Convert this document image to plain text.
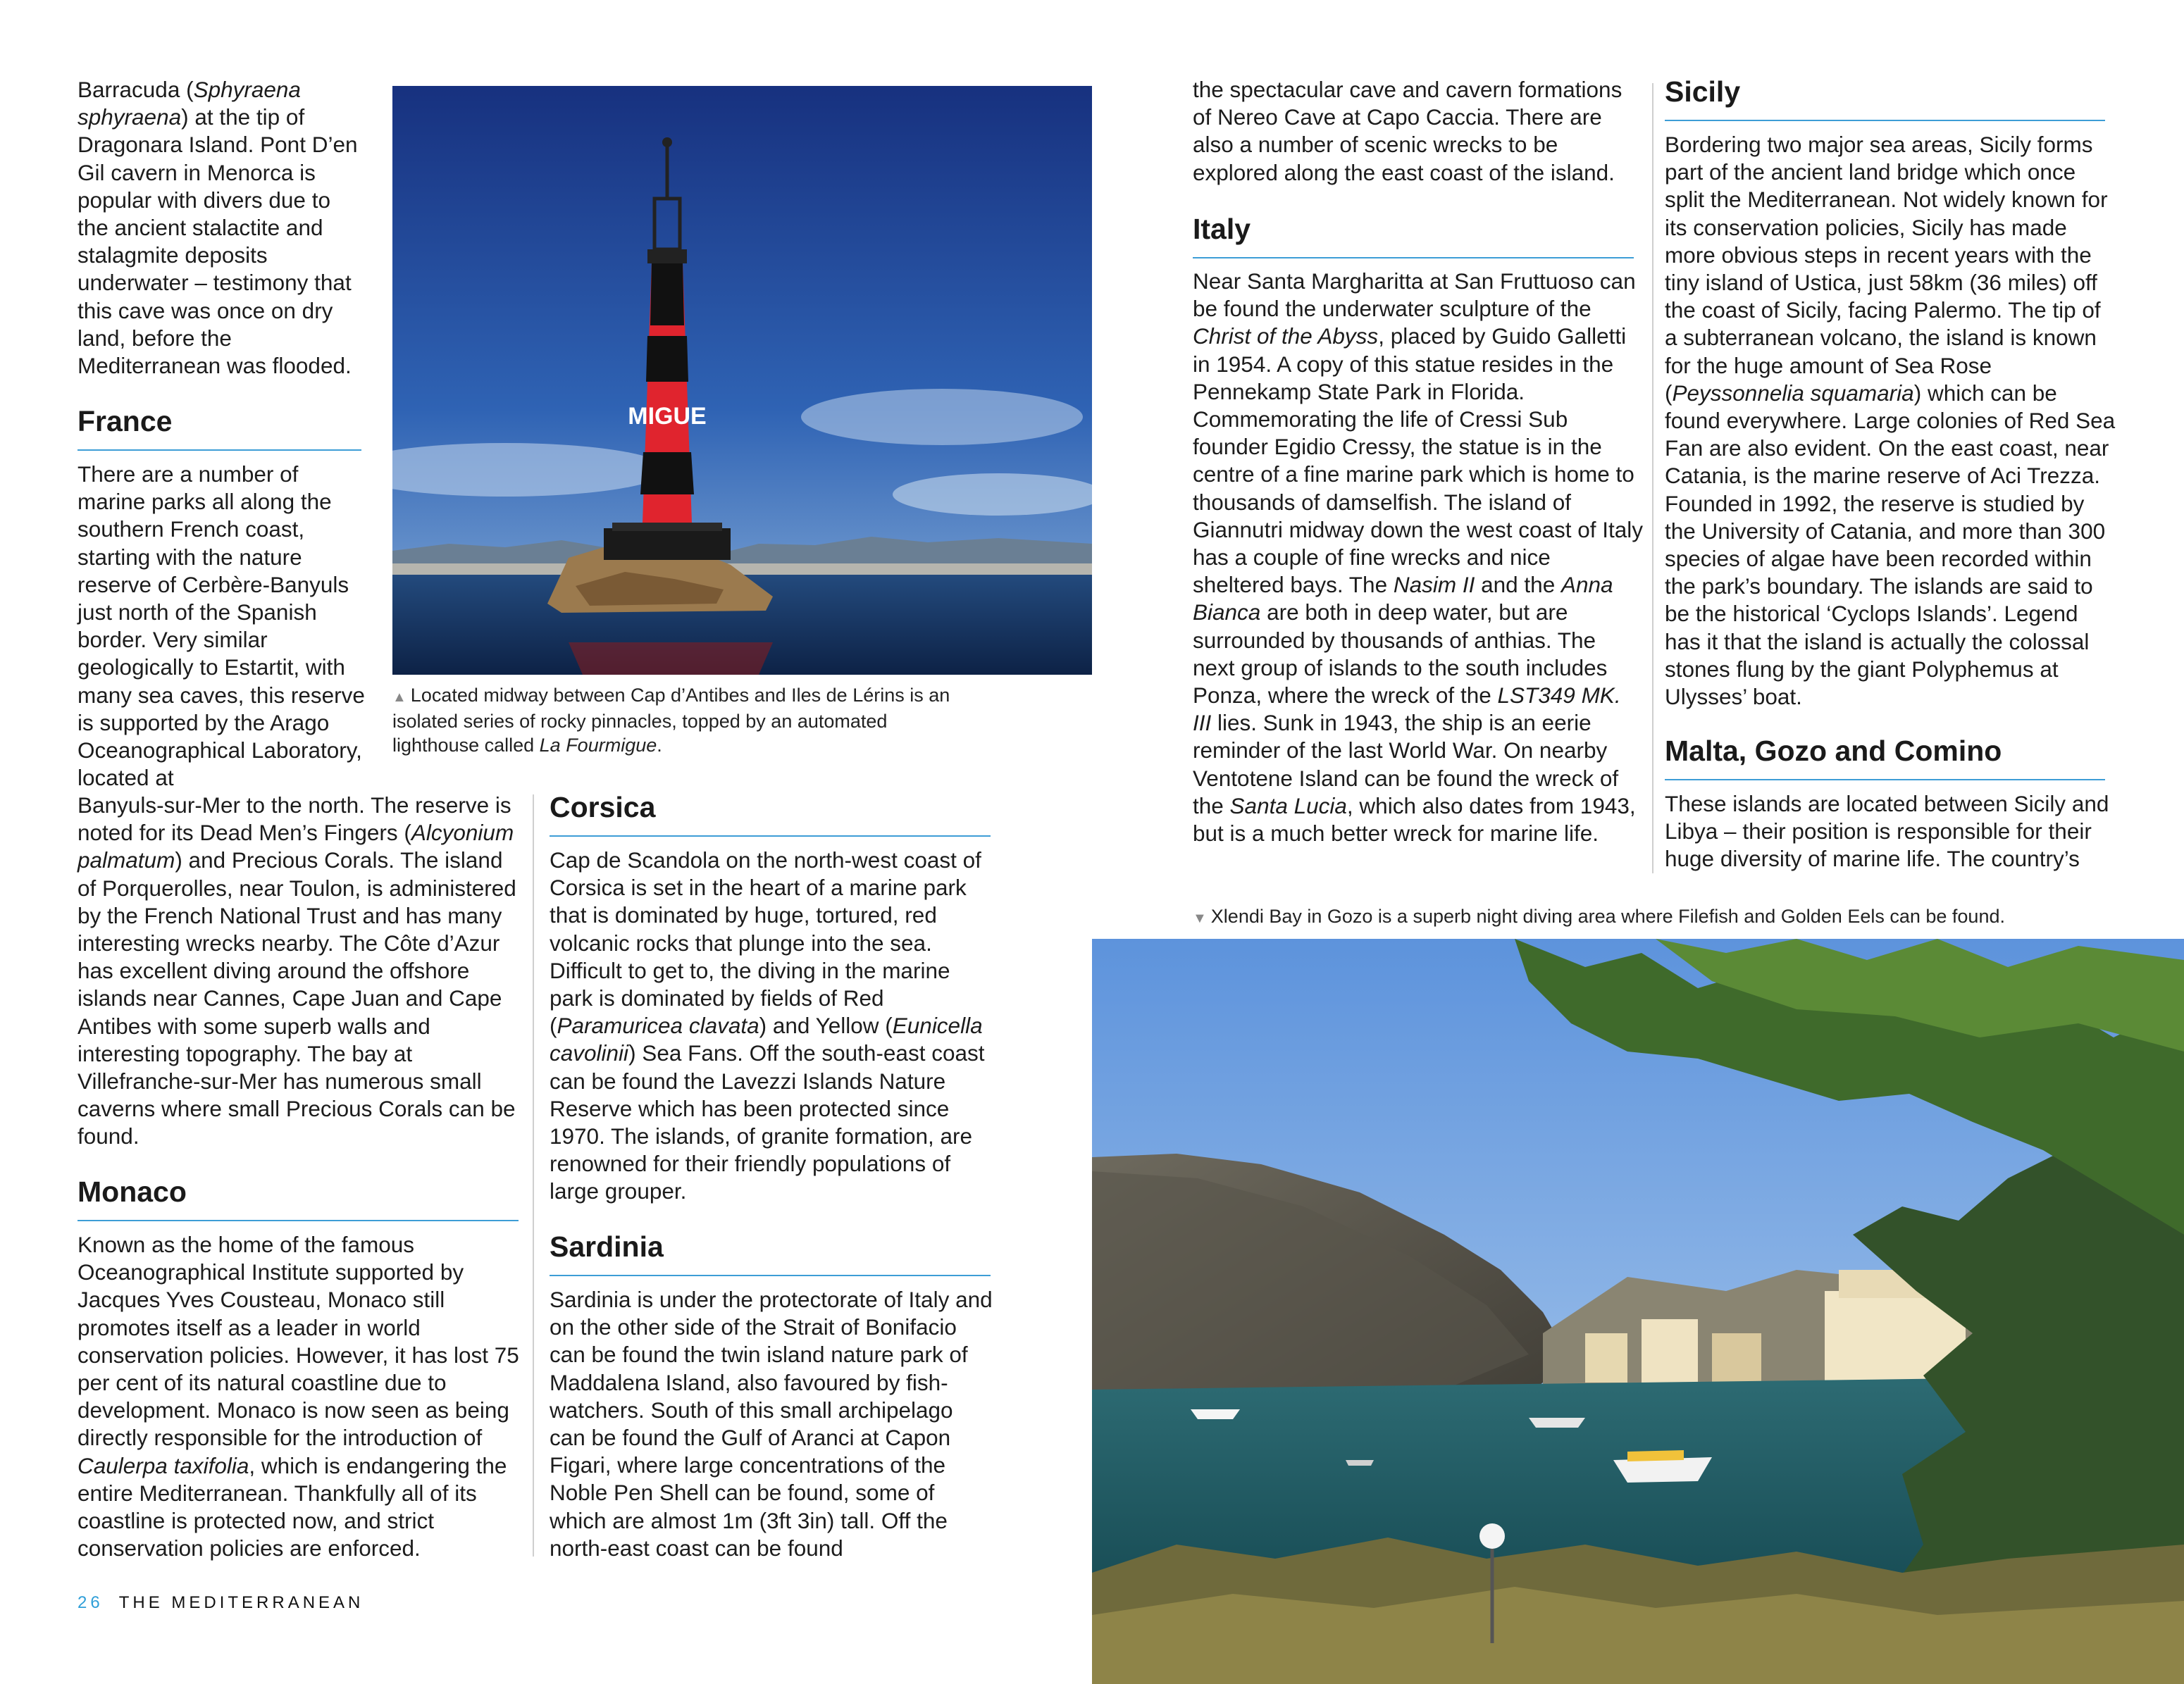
Barracuda (Sphyraena sphyraena) at the tip of Dragonara Island. Pont D’en Gil cavern in Menorca is popular with divers due to the ancient stalactite and stalagmite deposits underwater – testimony that this cave was once on dry land, before the Mediterranean was flooded.

France

There are a number of marine parks all along the southern French coast, starting with the nature reserve of Cerbère-Banyuls just north of the Spanish border. Very similar geologically to Estartit, with many sea caves, this reserve is supported by the Arago Oceanographical Laboratory, located at

Banyuls-sur-Mer to the north. The reserve is noted for its Dead Men’s Fingers (Alcyonium palmatum) and Precious Corals. The island of Porquerolles, near Toulon, is administered by the French National Trust and has many interesting wrecks nearby. The Côte d’Azur has excellent diving around the offshore islands near Cannes, Cape Juan and Cape Antibes with some superb walls and interesting topography. The bay at Villefranche-sur-Mer has numerous small caverns where small Precious Corals can be found.

Monaco

Known as the home of the famous Oceanographical Institute supported by Jacques Yves Cousteau, Monaco still promotes itself as a leader in world conservation policies. However, it has lost 75 per cent of its natural coastline due to development. Monaco is now seen as being directly responsible for the introduction of Caulerpa taxifolia, which is endangering the entire Mediterranean. Thankfully all of its coastline is protected now, and strict conservation policies are enforced.

MIGUE

▲ Located midway between Cap d’Antibes and Iles de Lérins is an isolated series of rocky pinnacles, topped by an automated lighthouse called La Fourmigue.

Corsica

Cap de Scandola on the north-west coast of Corsica is set in the heart of a marine park that is dominated by huge, tortured, red volcanic rocks that plunge into the sea. Difficult to get to, the diving in the marine park is dominated by fields of Red (Paramuricea clavata) and Yellow (Eunicella cavolinii) Sea Fans. Off the south-east coast can be found the Lavezzi Islands Nature Reserve which has been protected since 1970. The islands, of granite formation, are renowned for their friendly populations of large grouper.

Sardinia

Sardinia is under the protectorate of Italy and on the other side of the Strait of Bonifacio can be found the twin island nature park of Maddalena Island, also favoured by fish-watchers. South of this small archipelago can be found the Gulf of Aranci at Capon Figari, where large concentrations of the Noble Pen Shell can be found, some of which are almost 1m (3ft 3in) tall. Off the north-east coast can be found

26 THE MEDITERRANEAN

the spectacular cave and cavern formations of Nereo Cave at Capo Caccia. There are also a number of scenic wrecks to be explored along the east coast of the island.

Italy

Near Santa Margharitta at San Fruttuoso can be found the underwater sculpture of the Christ of the Abyss, placed by Guido Galletti in 1954. A copy of this statue resides in the Pennekamp State Park in Florida. Commemorating the life of Cressi Sub founder Egidio Cressy, the statue is in the centre of a fine marine park which is home to thousands of damselfish. The island of Giannutri midway down the west coast of Italy has a couple of fine wrecks and nice sheltered bays. The Nasim II and the Anna Bianca are both in deep water, but are surrounded by thousands of anthias. The next group of islands to the south includes Ponza, where the wreck of the LST349 MK. III lies. Sunk in 1943, the ship is an eerie reminder of the last World War. On nearby Ventotene Island can be found the wreck of the Santa Lucia, which also dates from 1943, but is a much better wreck for marine life.

Sicily

Bordering two major sea areas, Sicily forms part of the ancient land bridge which once split the Mediterranean. Not widely known for its conservation policies, Sicily has made more obvious steps in recent years with the tiny island of Ustica, just 58km (36 miles) off the coast of Sicily, facing Palermo. The tip of a subterranean volcano, the island is known for the huge amount of Sea Rose (Peyssonnelia squamaria) which can be found everywhere. Large colonies of Red Sea Fan are also evident. On the east coast, near Catania, is the marine reserve of Aci Trezza. Founded in 1992, the reserve is studied by the University of Catania, and more than 300 species of algae have been recorded within the park’s boundary. The islands are said to be the historical ‘Cyclops Islands’. Legend has it that the island is actually the colossal stones flung by the giant Polyphemus at Ulysses’ boat.

Malta, Gozo and Comino

These islands are located between Sicily and Libya – their position is responsible for their huge diversity of marine life. The country’s

▼ Xlendi Bay in Gozo is a superb night diving area where Filefish and Golden Eels can be found.
